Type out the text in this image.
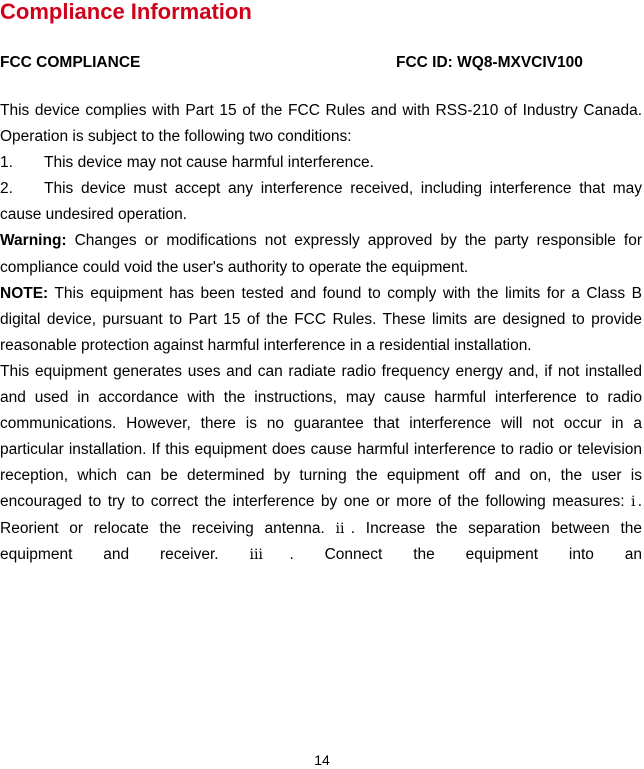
Compliance Information
FCC COMPLIANCE	FCC ID: WQ8-MXVCIV100

This device complies with Part 15 of the FCC Rules and with RSS-210 of Industry Canada. Operation is subject to the following two conditions:

1. This device may not cause harmful interference.

2. This device must accept any interference received, including interference that may cause undesired operation.

Warning: Changes or modifications not expressly approved by the party responsible for compliance could void the user's authority to operate the equipment.

NOTE: This equipment has been tested and found to comply with the limits for a Class B digital device, pursuant to Part 15 of the FCC Rules. These limits are designed to provide reasonable protection against harmful interference in a residential installation.

This equipment generates uses and can radiate radio frequency energy and, if not installed and used in accordance with the instructions, may cause harmful interference to radio communications. However, there is no guarantee that interference will not occur in a particular installation. If this equipment does cause harmful interference to radio or television reception, which can be determined by turning the equipment off and on, the user is encouraged to try to correct the interference by one or more of the following measures: ⅰ. Reorient or relocate the receiving antenna. ⅱ. Increase the separation between the equipment and receiver. ⅲ. Connect the equipment into an

14
